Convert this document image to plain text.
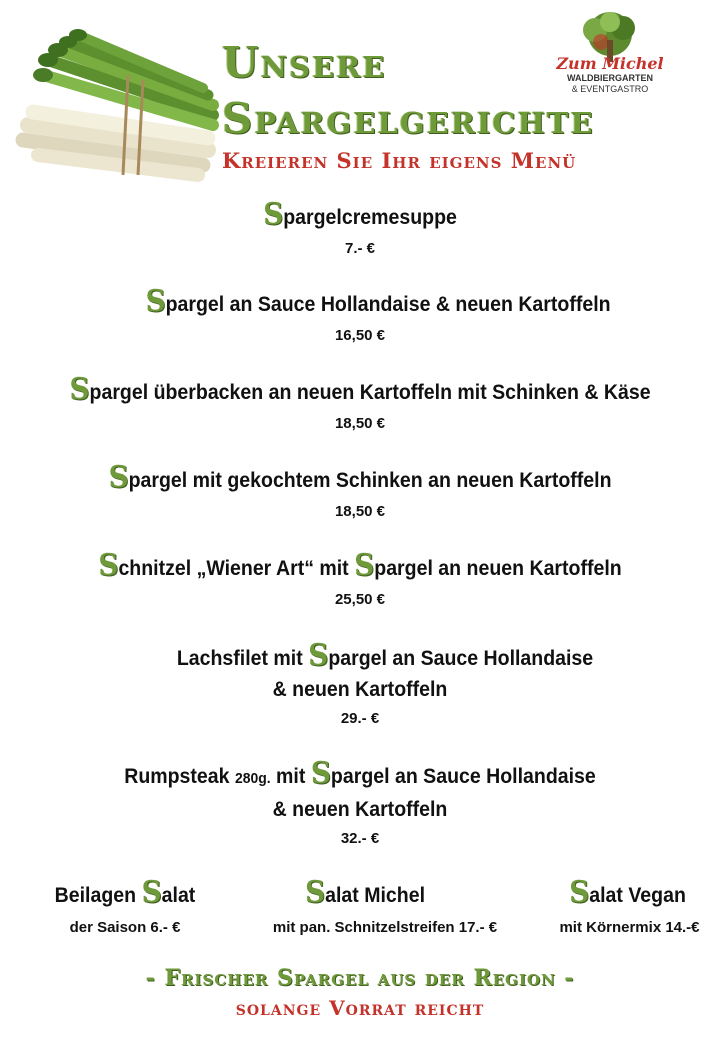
Unsere
Spargelgerichte
Kreieren Sie Ihr eigens Menü
Zum Michel
WALDBIERGARTEN
& EVENTGASTRO
Spargelcremesuppe
7.- €
Spargel an Sauce Hollandaise & neuen Kartoffeln
16,50 €
Spargel überbacken an neuen Kartoffeln mit Schinken & Käse
18,50 €
Spargel mit gekochtem Schinken an neuen Kartoffeln
18,50 €
Schnitzel „Wiener Art“ mit Spargel an neuen Kartoffeln
25,50 €
Lachsfilet mit Spargel an Sauce Hollandaise
& neuen Kartoffeln
29.- €
Rumpsteak 280g. mit Spargel an Sauce Hollandaise
& neuen Kartoffeln
32.- €
Beilagen Salat
der Saison 6.- €
Salat Michel
mit pan. Schnitzelstreifen 17.- €
Salat Vegan
mit Körnermix 14.-€
- Frischer Spargel aus der Region -
solange Vorrat reicht
